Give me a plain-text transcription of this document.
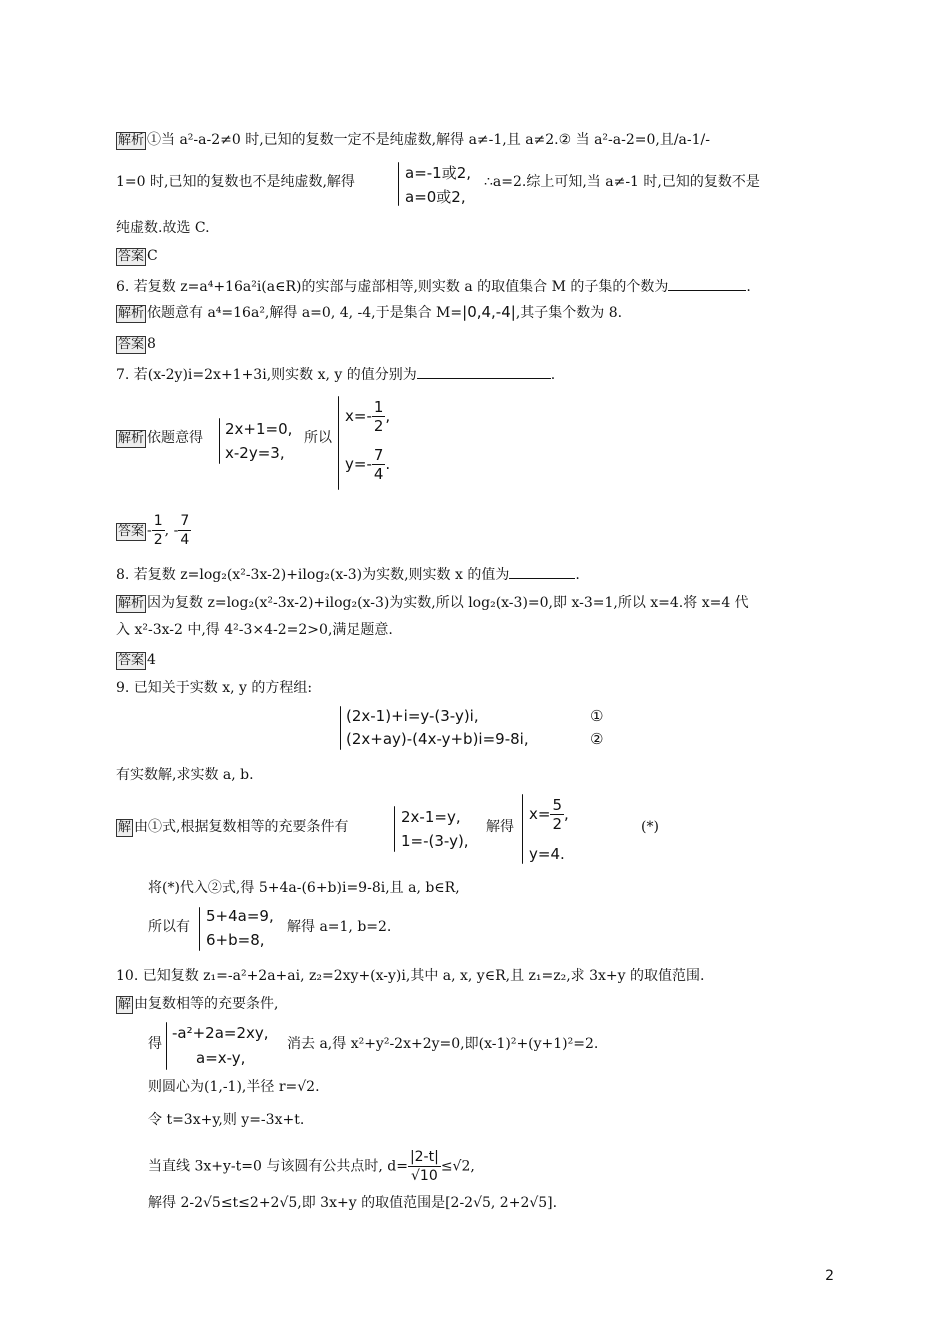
解析 ①当 a²-a-2≠0 时,已知的复数一定不是纯虚数,解得 a≠-1,且 a≠2.② 当 a²-a-2=0,且/a-1/-
1=0 时,已知的复数也不是纯虚数,解得	a=-1或2,
a=0或2,
∴a=2.综上可知,当 a≠-1 时,已知的复数不是
纯虚数.故选 C.
答案 C
6. 若复数 z=a⁴+16a²i(a∈R)的实部与虚部相等,则实数 a 的取值集合 M 的子集的个数为	.
解析 依题意有 a⁴=16a²,解得 a=0, 4, -4,于是集合 M=|0,4,-4|,其子集个数为 8.
答案 8
7. 若(x-2y)i=2x+1+3i,则实数 x, y 的值分别为	.
解析 依题意得 2x+1=0,
x-2y=3,
所以
$x=- \frac{1}{2}$ ,
$y=- \frac{7}{4}$ .
答案 - $\frac{1}{2}$ , - $\frac{7}{4}$
8. 若复数 z=log₂(x²-3x-2)+ilog₂(x-3)为实数,则实数 x 的值为	.
解析 因为复数 z=log₂(x²-3x-2)+ilog₂(x-3)为实数,所以 log₂(x-3)=0,即 x-3=1,所以 x=4.将 x=4 代
入 x²-3x-2 中,得 4²-3×4-2=2>0,满足题意.
答案 4
9. 已知关于实数 x, y 的方程组:
(2x-1)+i=y-(3-y)i,	①
(2x+ay)-(4x-y+b)i=9-8i,	②
有实数解,求实数 a, b.
解 由①式,根据复数相等的充要条件有
2x-1=y,
1=-(3-y),
解得
$x= \frac{5}{2}$ ,
y=4.
(*)
将(*)代入②式,得 5+4a-(6+b)i=9-8i,且 a, b∈R,
所以有
5+4a=9,
6+b=8,
解得 a=1, b=2.
10. 已知复数 z₁=-a²+2a+ai, z₂=2xy+(x-y)i,其中 a, x, y∈R,且 z₁=z₂,求 3x+y 的取值范围.
解 由复数相等的充要条件,
得
-a²+2a=2xy,
a=x-y,
消去 a,得 x²+y²-2x+2y=0,即(x-1)²+(y+1)²=2.
则圆心为(1,-1),半径 r=√2.
令 t=3x+y,则 y=-3x+t.
当直线 3x+y-t=0 与该圆有公共点时, $d= \frac{|2-t|}{√10} \le√2$,
解得 2-2√5≤t≤2+2√5,即 3x+y 的取值范围是[2-2√5, 2+2√5].
2
